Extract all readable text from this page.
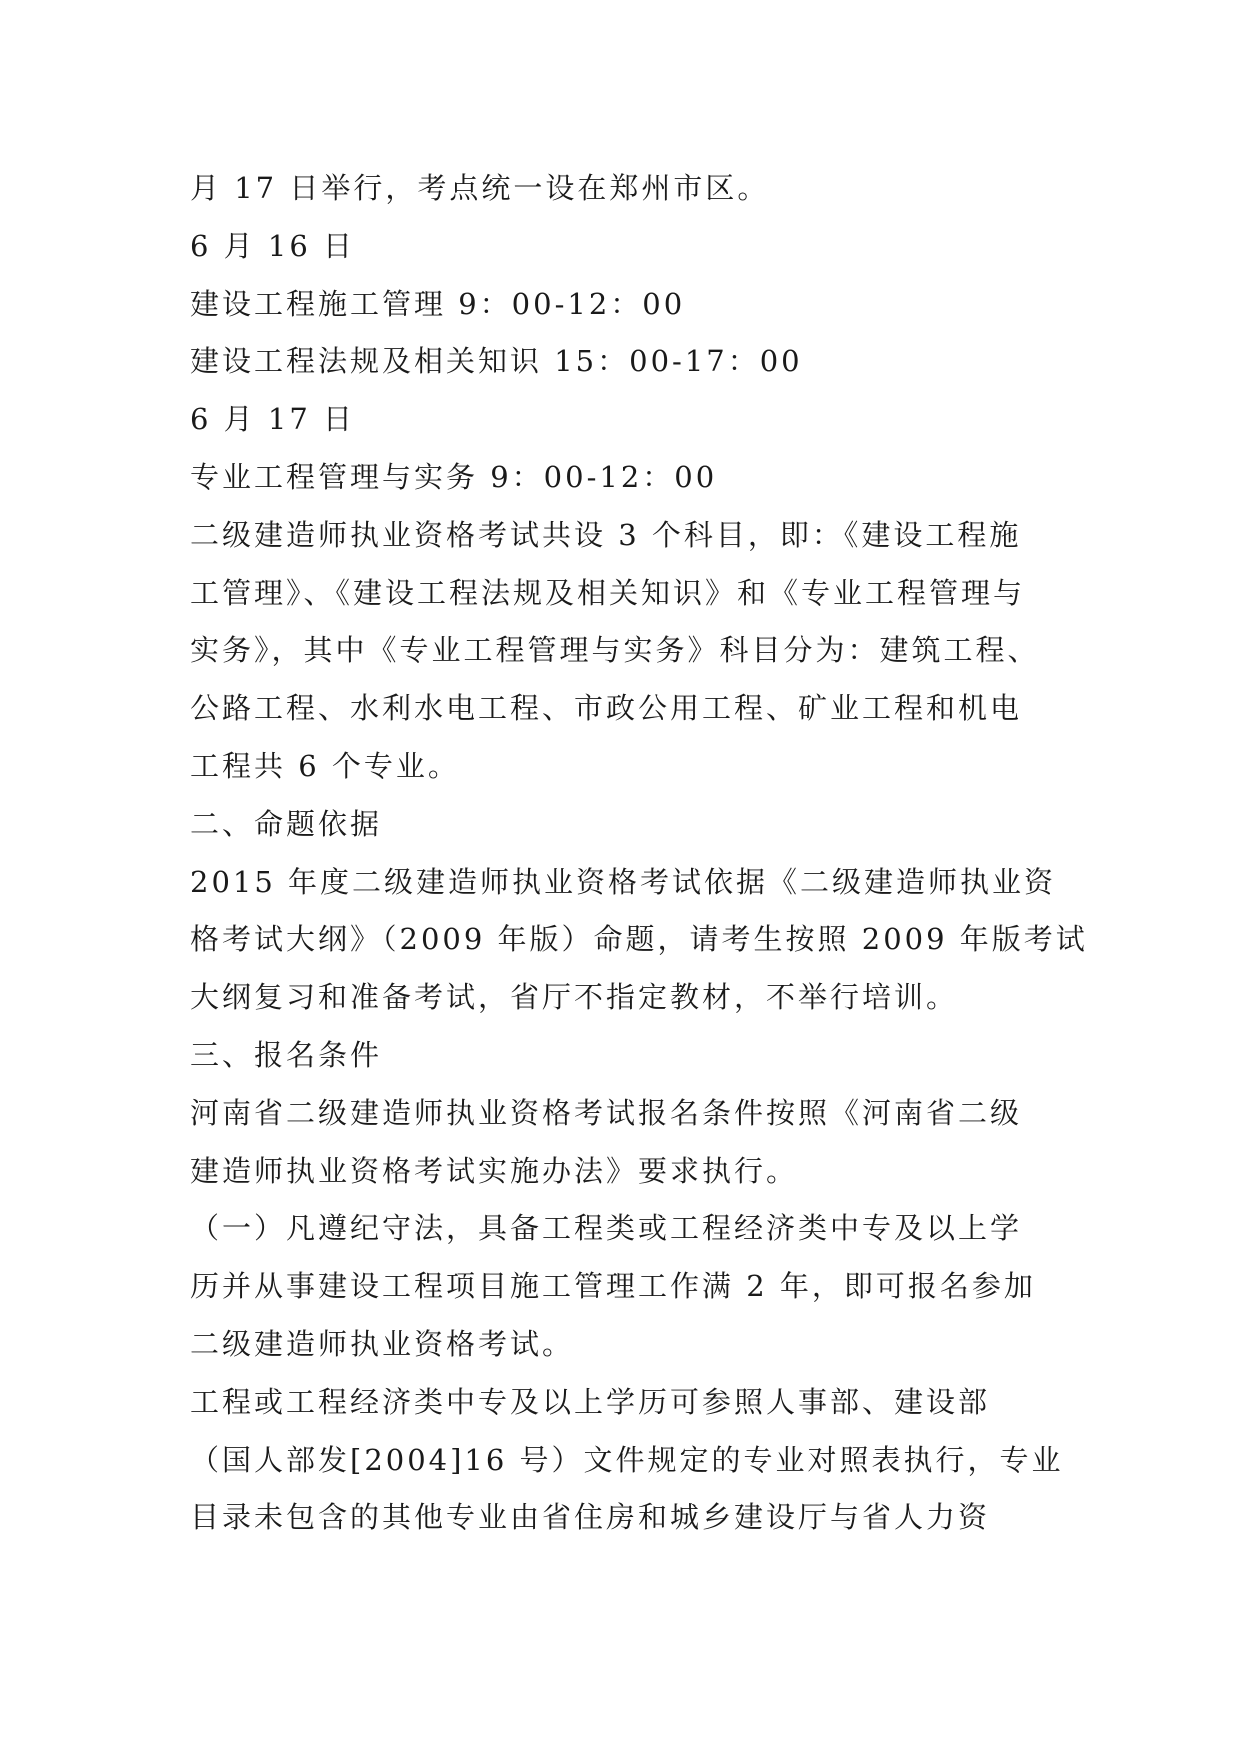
月 17 日举行，考点统一设在郑州市区。
6 月 16 日
建设工程施工管理 9：00-12：00
建设工程法规及相关知识 15：00-17：00
6 月 17 日
专业工程管理与实务 9：00-12：00
二级建造师执业资格考试共设 3 个科目，即：《建设工程施
工管理》、《建设工程法规及相关知识》和《专业工程管理与
实务》，其中《专业工程管理与实务》科目分为：建筑工程、
公路工程、水利水电工程、市政公用工程、矿业工程和机电
工程共 6 个专业。
二、命题依据
2015 年度二级建造师执业资格考试依据《二级建造师执业资
格考试大纲》（2009 年版）命题，请考生按照 2009 年版考试
大纲复习和准备考试，省厅不指定教材，不举行培训。
三、报名条件
河南省二级建造师执业资格考试报名条件按照《河南省二级
建造师执业资格考试实施办法》要求执行。
（一）凡遵纪守法，具备工程类或工程经济类中专及以上学
历并从事建设工程项目施工管理工作满 2 年，即可报名参加
二级建造师执业资格考试。
工程或工程经济类中专及以上学历可参照人事部、建设部
（国人部发[2004]16 号）文件规定的专业对照表执行，专业
目录未包含的其他专业由省住房和城乡建设厅与省人力资
